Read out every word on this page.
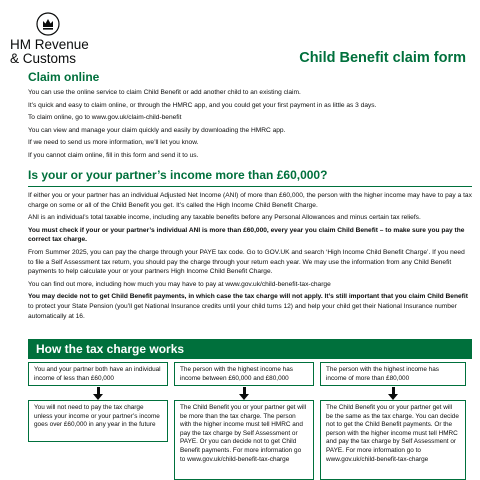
HM Revenue
& Customs	Child Benefit claim form
Claim online

You can use the online service to claim Child Benefit or add another child to an existing claim.

It’s quick and easy to claim online, or through the HMRC app, and you could get your first payment in as little as 3 days.

To claim online, go to www.gov.uk/claim-child-benefit

You can view and manage your claim quickly and easily by downloading the HMRC app.

If we need to send us more information, we’ll let you know.

If you cannot claim online, fill in this form and send it to us.

Is your or your partner’s income more than £60,000?

If either you or your partner has an individual Adjusted Net Income (ANI) of more than £60,000, the person with the higher income may have to pay a tax charge on some or all of the Child Benefit you get. It’s called the High Income Child Benefit Charge.

ANI is an individual’s total taxable income, including any taxable benefits before any Personal Allowances and minus certain tax reliefs.

You must check if your or your partner’s individual ANI is more than £60,000, every year you claim Child Benefit – to make sure you pay the correct tax charge.

From Summer 2025, you can pay the charge through your PAYE tax code. Go to GOV.UK and search ‘High Income Child Benefit Charge’. If you need to file a Self Assessment tax return, you should pay the charge through your return each year. We may use the information from any Child Benefit payments to help calculate your or your partners High Income Child Benefit Charge.

You can find out more, including how much you may have to pay at www.gov.uk/child-benefit-tax-charge

You may decide not to get Child Benefit payments, in which case the tax charge will not apply. It’s still important that you claim Child Benefit to protect your State Pension (you’ll get National Insurance credits until your child turns 12) and help your child get their National Insurance number automatically at 16.

How the tax charge works
You and your partner both have an individual income of less than £60,000
The person with the highest income has income between £60,000 and £80,000
The person with the highest income has income of more than £80,000
You will not need to pay the tax charge unless your income or your partner’s income goes over £60,000 in any year in the future
The Child Benefit you or your partner get will be more than the tax charge. The person with the higher income must tell HMRC and pay the tax charge by Self Assessment or PAYE. Or you can decide not to get Child Benefit payments. For more information go to www.gov.uk/child-benefit-tax-charge
The Child Benefit you or your partner get will be the same as the tax charge. You can decide not to get the Child Benefit payments. Or the person with the higher income must tell HMRC and pay the tax charge by Self Assessment or PAYE. For more information go to www.gov.uk/child-benefit-tax-charge
